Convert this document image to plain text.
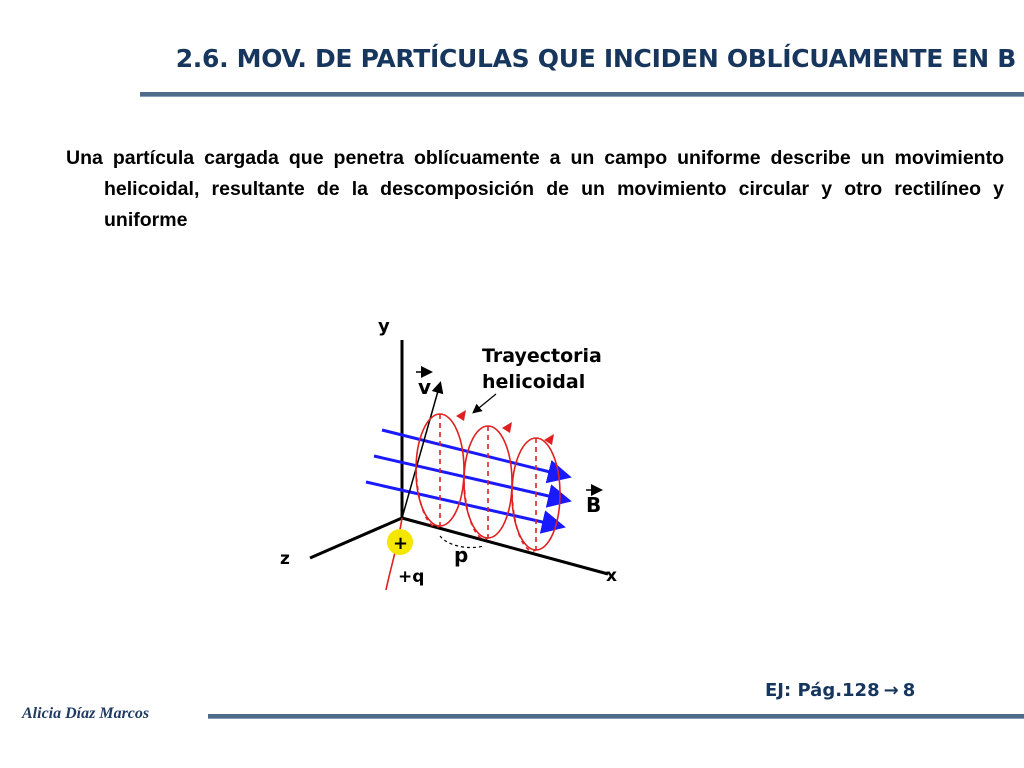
2.6. MOV. DE PARTÍCULAS QUE INCIDEN OBLÍCUAMENTE EN B
Una partícula cargada que penetra oblícuamente a un campo uniforme describe un movimiento helicoidal, resultante de la descomposición de un movimiento circular y otro rectilíneo y uniforme
y
z
x
v
Trayectoria
helicoidal
B
p
+
+q
EJ: Pág.128 → 8
Alicia Díaz Marcos
